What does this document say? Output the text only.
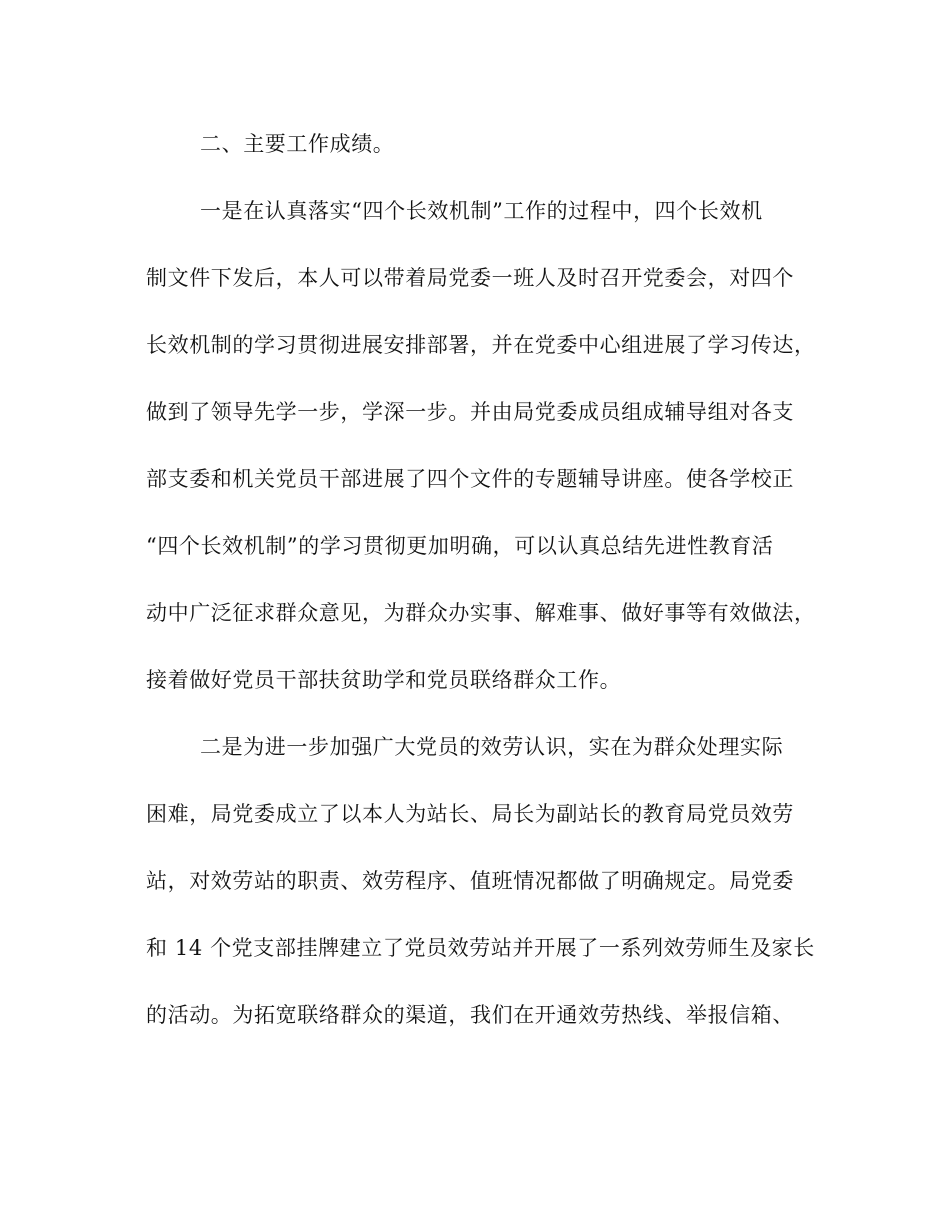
二、主要工作成绩。
一是在认真落实“四个长效机制”工作的过程中，四个长效机
制文件下发后，本人可以带着局党委一班人及时召开党委会，对四个
长效机制的学习贯彻进展安排部署，并在党委中心组进展了学习传达，
做到了领导先学一步，学深一步。并由局党委成员组成辅导组对各支
部支委和机关党员干部进展了四个文件的专题辅导讲座。使各学校正
“四个长效机制”的学习贯彻更加明确，可以认真总结先进性教育活
动中广泛征求群众意见，为群众办实事、解难事、做好事等有效做法，
接着做好党员干部扶贫助学和党员联络群众工作。
二是为进一步加强广大党员的效劳认识，实在为群众处理实际
困难，局党委成立了以本人为站长、局长为副站长的教育局党员效劳
站，对效劳站的职责、效劳程序、值班情况都做了明确规定。局党委
和 14 个党支部挂牌建立了党员效劳站并开展了一系列效劳师生及家长
的活动。为拓宽联络群众的渠道，我们在开通效劳热线、举报信箱、
